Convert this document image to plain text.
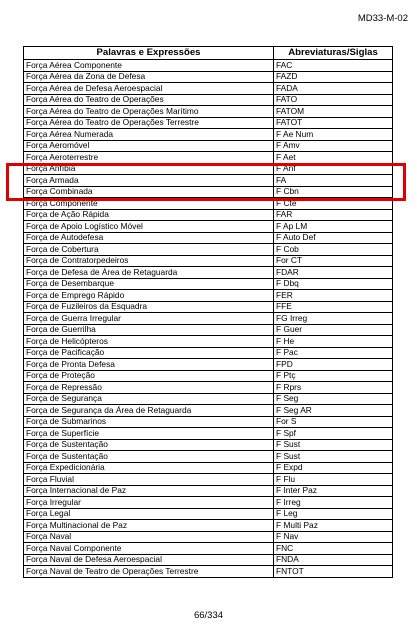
MD33-M-02
Palavras e Expressões	Abreviaturas/Siglas
Força Aérea Componente	FAC
Força Aérea da Zona de Defesa	FAZD
Força Aérea de Defesa Aeroespacial	FADA
Força Aérea do Teatro de Operações	FATO
Força Aérea do Teatro de Operações Marítimo	FATOM
Força Aérea do Teatro de Operações Terrestre	FATOT
Força Aérea Numerada	F Ae Num
Força Aeromóvel	F Amv
Força Aeroterrestre	F Aet
Força Anfíbia	F Anf
Força Armada	FA
Força Combinada	F Cbn
Força Componente	F Cte
Força de Ação Rápida	FAR
Força de Apoio Logístico Móvel	F Ap LM
Força de Autodefesa	F Auto Def
Força de Cobertura	F Cob
Força de Contratorpedeiros	For CT
Força de Defesa de Área de Retaguarda	FDAR
Força de Desembarque	F Dbq
Força de Emprego Rápido	FER
Força de Fuzileiros da Esquadra	FFE
Força de Guerra Irregular	FG Irreg
Força de Guerrilha	F Guer
Força de Helicópteros	F He
Força de Pacificação	F Pac
Força de Pronta Defesa	FPD
Força de Proteção	F Ptç
Força de Repressão	F Rprs
Força de Segurança	F Seg
Força de Segurança da Área de Retaguarda	F Seg AR
Força de Submarinos	For S
Força de Superfície	F Spf
Força de Sustentação	F Sust
Força de Sustentação	F Sust
Força Expedicionária	F Expd
Força Fluvial	F Flu
Força Internacional de Paz	F Inter Paz
Força Irregular	F Irreg
Força Legal	F Leg
Força Multinacional de Paz	F Multi Paz
Força Naval	F Nav
Força Naval Componente	FNC
Força Naval de Defesa Aeroespacial	FNDA
Força Naval de Teatro de Operações Terrestre	FNTOT
66/334
